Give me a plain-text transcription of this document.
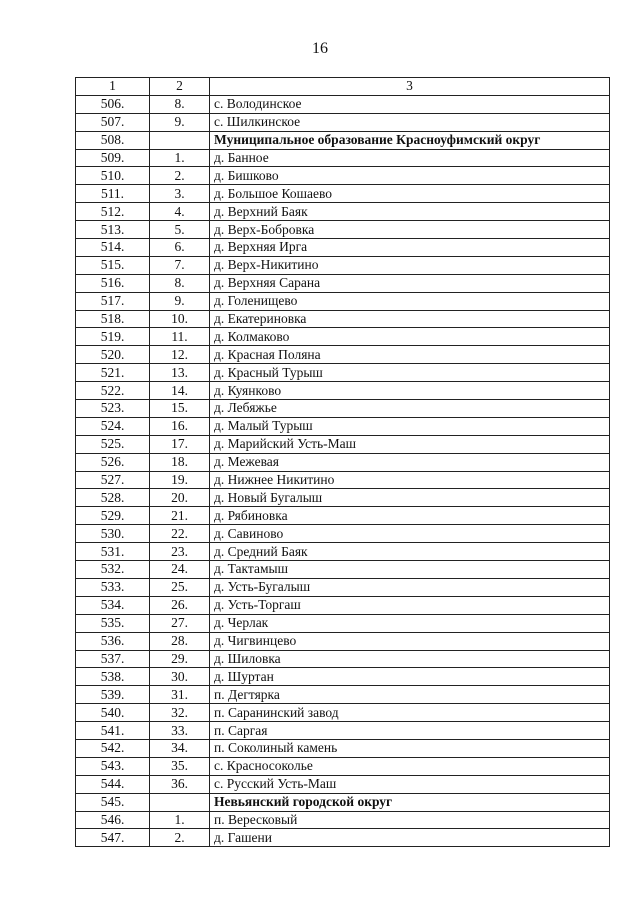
16
1	2	3
506.	8.	с. Володинское
507.	9.	с. Шилкинское
508.		Муниципальное образование Красноуфимский округ
509.	1.	д. Банное
510.	2.	д. Бишково
511.	3.	д. Большое Кошаево
512.	4.	д. Верхний Баяк
513.	5.	д. Верх-Бобровка
514.	6.	д. Верхняя Ирга
515.	7.	д. Верх-Никитино
516.	8.	д. Верхняя Сарана
517.	9.	д. Голенищево
518.	10.	д. Екатериновка
519.	11.	д. Колмаково
520.	12.	д. Красная Поляна
521.	13.	д. Красный Турыш
522.	14.	д. Куянково
523.	15.	д. Лебяжье
524.	16.	д. Малый Турыш
525.	17.	д. Марийский Усть-Маш
526.	18.	д. Межевая
527.	19.	д. Нижнее Никитино
528.	20.	д. Новый Бугалыш
529.	21.	д. Рябиновка
530.	22.	д. Савиново
531.	23.	д. Средний Баяк
532.	24.	д. Тактамыш
533.	25.	д. Усть-Бугалыш
534.	26.	д. Усть-Торгаш
535.	27.	д. Черлак
536.	28.	д. Чигвинцево
537.	29.	д. Шиловка
538.	30.	д. Шуртан
539.	31.	п. Дегтярка
540.	32.	п. Саранинский завод
541.	33.	п. Саргая
542.	34.	п. Соколиный камень
543.	35.	с. Красносоколье
544.	36.	с. Русский Усть-Маш
545.		Невьянский городской округ
546.	1.	п. Вересковый
547.	2.	д. Гашени
